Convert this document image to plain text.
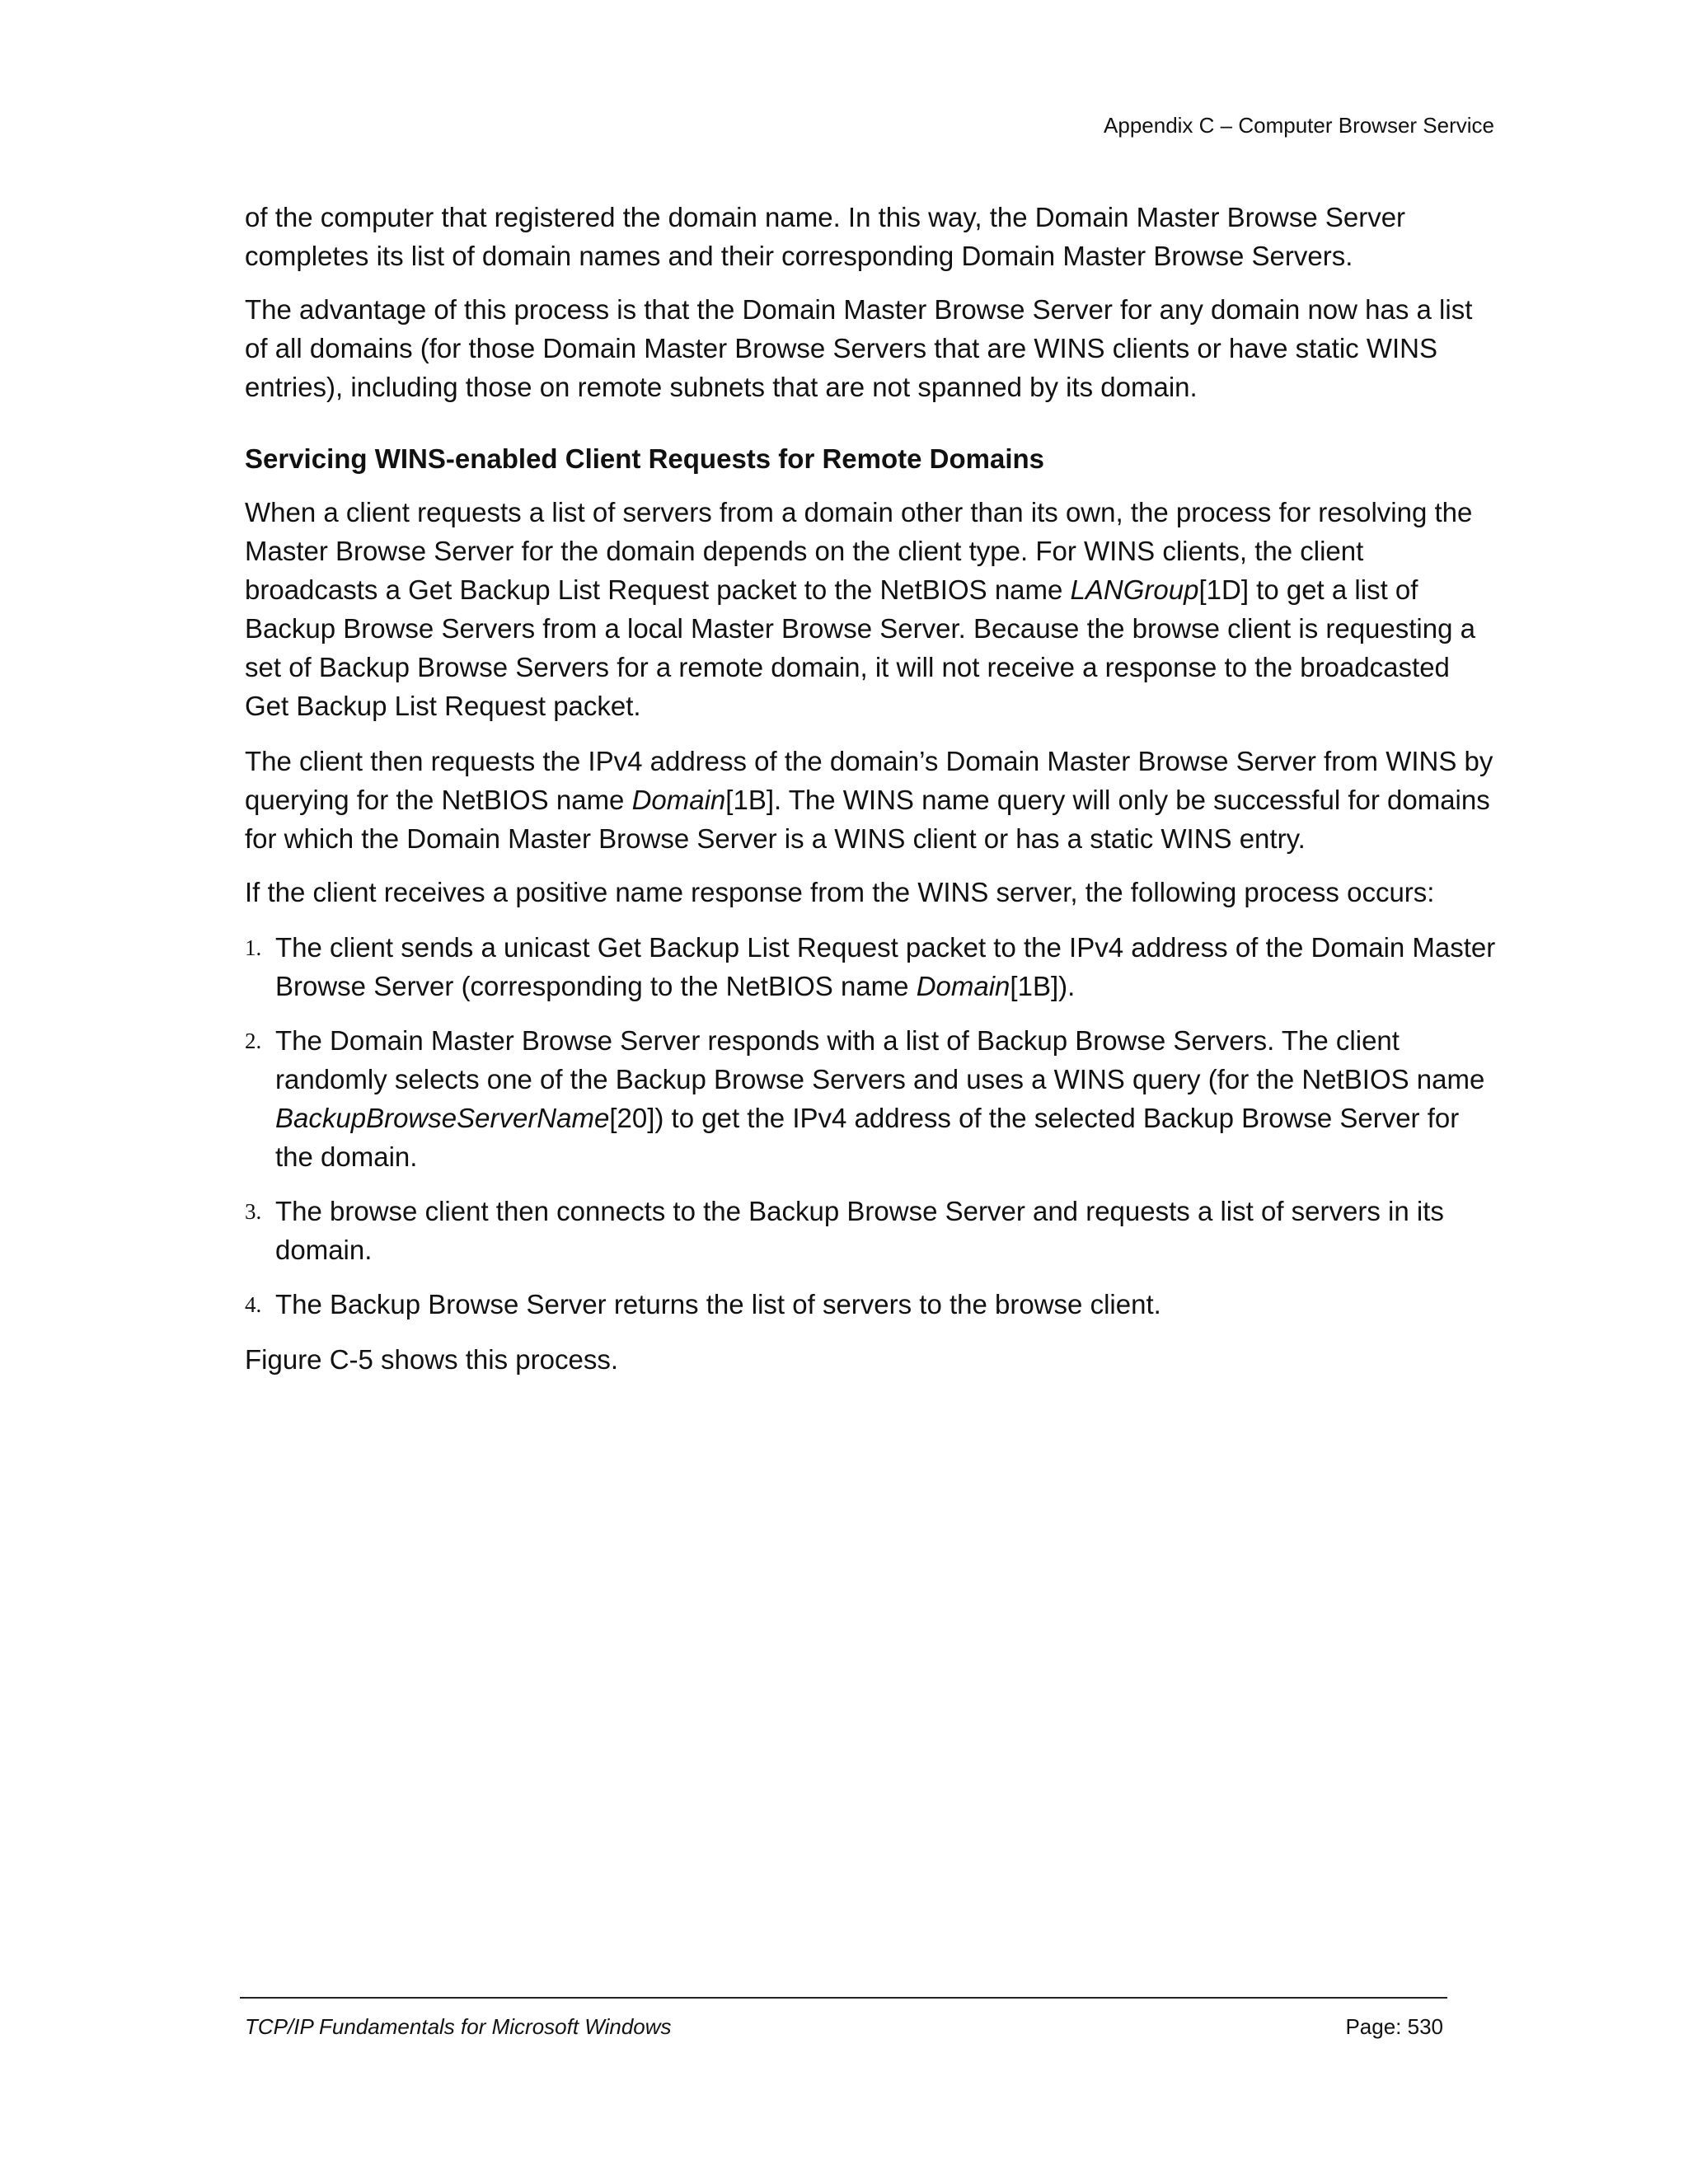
Appendix C – Computer Browser Service

of the computer that registered the domain name. In this way, the Domain Master Browse Server completes its list of domain names and their corresponding Domain Master Browse Servers.

The advantage of this process is that the Domain Master Browse Server for any domain now has a list of all domains (for those Domain Master Browse Servers that are WINS clients or have static WINS entries), including those on remote subnets that are not spanned by its domain.

Servicing WINS-enabled Client Requests for Remote Domains

When a client requests a list of servers from a domain other than its own, the process for resolving the Master Browse Server for the domain depends on the client type. For WINS clients, the client broadcasts a Get Backup List Request packet to the NetBIOS name LANGroup[1D] to get a list of Backup Browse Servers from a local Master Browse Server. Because the browse client is requesting a set of Backup Browse Servers for a remote domain, it will not receive a response to the broadcasted Get Backup List Request packet.

The client then requests the IPv4 address of the domain’s Domain Master Browse Server from WINS by querying for the NetBIOS name Domain[1B]. The WINS name query will only be successful for domains for which the Domain Master Browse Server is a WINS client or has a static WINS entry.

If the client receives a positive name response from the WINS server, the following process occurs:

1. The client sends a unicast Get Backup List Request packet to the IPv4 address of the Domain Master Browse Server (corresponding to the NetBIOS name Domain[1B]).
2. The Domain Master Browse Server responds with a list of Backup Browse Servers. The client randomly selects one of the Backup Browse Servers and uses a WINS query (for the NetBIOS name BackupBrowseServerName[20]) to get the IPv4 address of the selected Backup Browse Server for the domain.
3. The browse client then connects to the Backup Browse Server and requests a list of servers in its domain.
4. The Backup Browse Server returns the list of servers to the browse client.

Figure C-5 shows this process.

TCP/IP Fundamentals for Microsoft Windows	Page: 530
